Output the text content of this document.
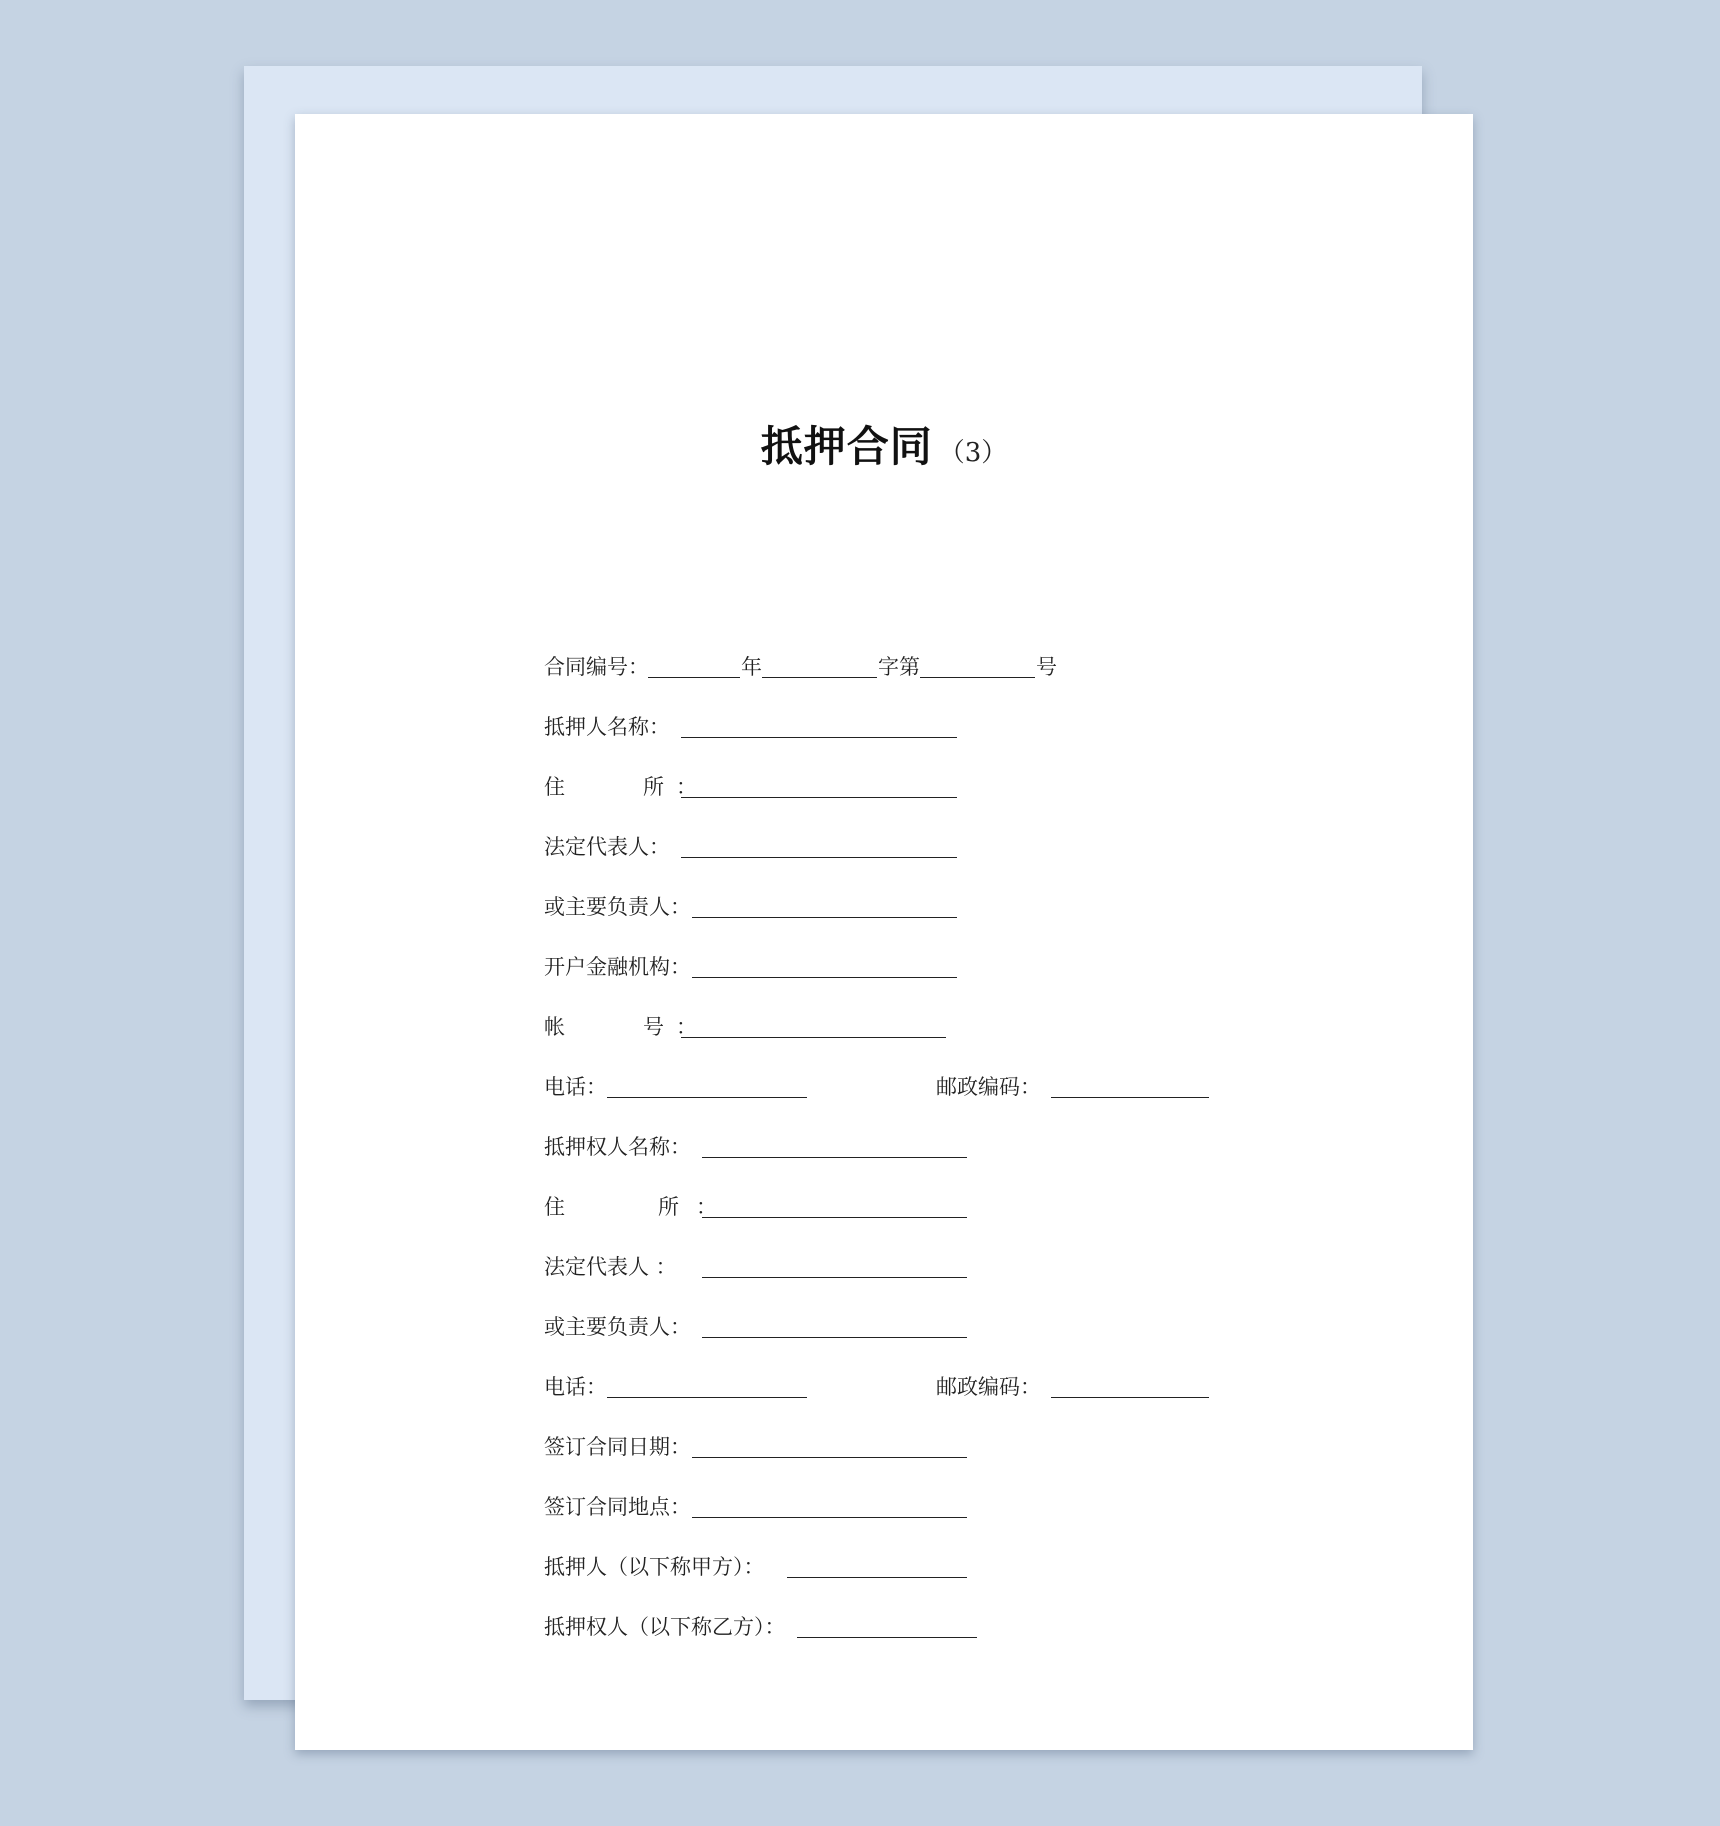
抵押合同 （3）
合同编号：	年	字第	号
抵押人名称：
住　　所：
法定代表人：
或主要负责人：
开户金融机构：
帐　　号：
电话：	邮政编码：
抵押权人名称：
住　　所：
法定代表人 ：
或主要负责人：
电话：	邮政编码：
签订合同日期：
签订合同地点：
抵押人（以下称甲方）：
抵押权人（以下称乙方）：
